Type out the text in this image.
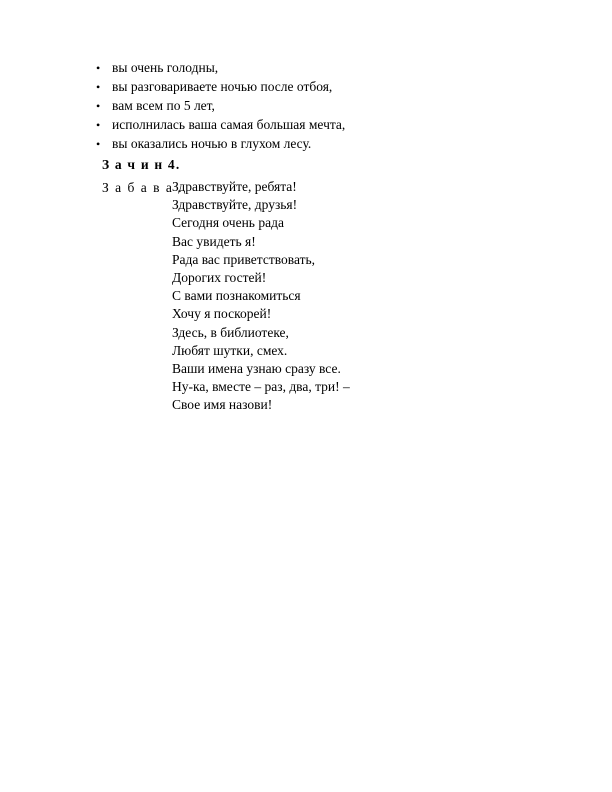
• вы очень голодны,
• вы разговариваете ночью после отбоя,
• вам всем по 5 лет,
• исполнилась ваша самая большая мечта,
• вы оказались ночью в глухом лесу.
З а ч и н 4.
З а б а в а .
Здравствуйте, ребята!
Здравствуйте, друзья!
Сегодня очень рада
Вас увидеть я!
Рада вас приветствовать,
Дорогих гостей!
С вами познакомиться
Хочу я поскорей!
Здесь, в библиотеке,
Любят шутки, смех.
Ваши имена узнаю сразу все.
Ну-ка, вместе – раз, два, три! –
Свое имя назови!
